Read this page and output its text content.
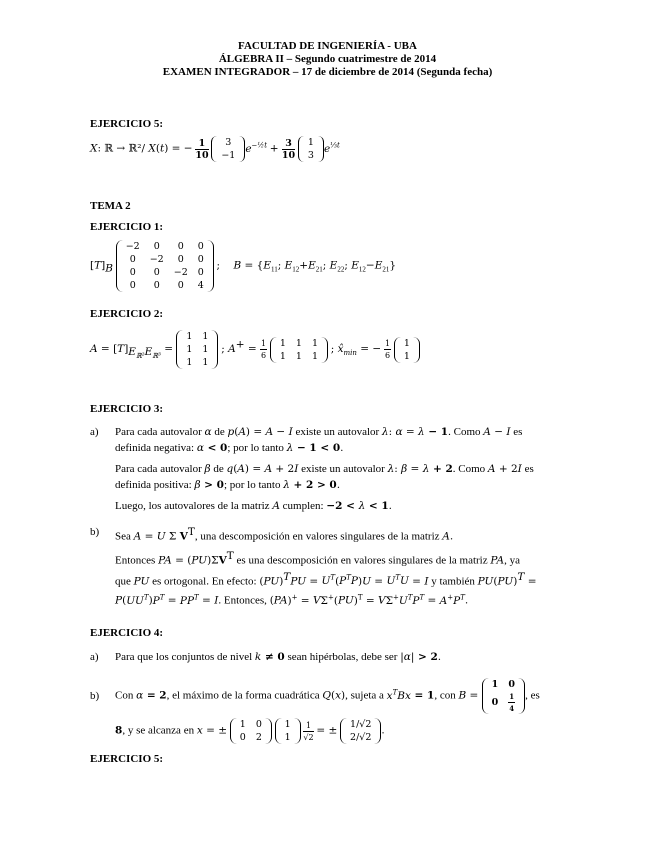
FACULTAD DE INGENIERÍA - UBA
ÁLGEBRA II – Segundo cuatrimestre de 2014
EXAMEN INTEGRADOR – 17 de diciembre de 2014 (Segunda fecha)
EJERCICIO 5:
X: ℝ → ℝ²/ X(t) = − $\frac{1}{10}$
3
−1
$e^{-\frac{1}{2}t} + \frac{3}{10}$
1
3
$e^{\frac{1}{3}t}$
TEMA 2
EJERCICIO 1:
$[T]_B$
−2	0	0	0
0	−2	0	0
0	0	−2	0
0	0	0	4
;    $B = \{E_{11}$; $E_{12}+E_{21}$; $E_{22}$; $E_{12}-E_{21}$}
EJERCICIO 2:
$A = [T]_{E_{ℝ^2}E_{ℝ^3}}$ =
1	1
1	1
1	1
; $A^+ = \frac{1}{6}$
1	1	1
1	1	1
; $x̂_{min}$ = − $\frac{1}{6}$
1
1
EJERCICIO 3:
a) Para cada autovalor α de p(A) = A − I existe un autovalor λ: α = λ − 1. Como A − I es
definida negativa: α < 0; por lo tanto λ − 1 < 0.
Para cada autovalor β de q(A) = A + 2I existe un autovalor λ: β = λ + 2. Como A + 2I es
definida positiva: β > 0; por lo tanto λ + 2 > 0.
Luego, los autovalores de la matriz A cumplen: −2 < λ < 1.
b) Sea A = U Σ $V^T$, una descomposición en valores singulares de la matriz A.
Entonces PA = $(PU)\Sigma V^T$ es una descomposición en valores singulares de la matriz PA, ya
que PU es ortogonal. En efecto: $(PU)^TPU = U^T(P^TP)U = U^TU = I$ y también PU(PU)$^T$ =
$P(UU^T)P^T = PP^T = I$. Entonces, $(PA)^+ = V\Sigma^+(PU)^T = V\Sigma^+U^TP^T = A^+P^T$.
EJERCICIO 4:
a) Para que los conjuntos de nivel k ≠ 0 sean hipérbolas, debe ser |α| > 2.
b) Con α = 2, el máximo de la forma cuadrática Q(x), sujeta a $x^TBx = 1$, con B =
1	0
0	$\frac{1}{4}$ , es
8, y se alcanza en x = ±
1	0
0	2

1
1
$\frac{1}{√2}$ = ±
1/√2
2/√2
.
EJERCICIO 5:
